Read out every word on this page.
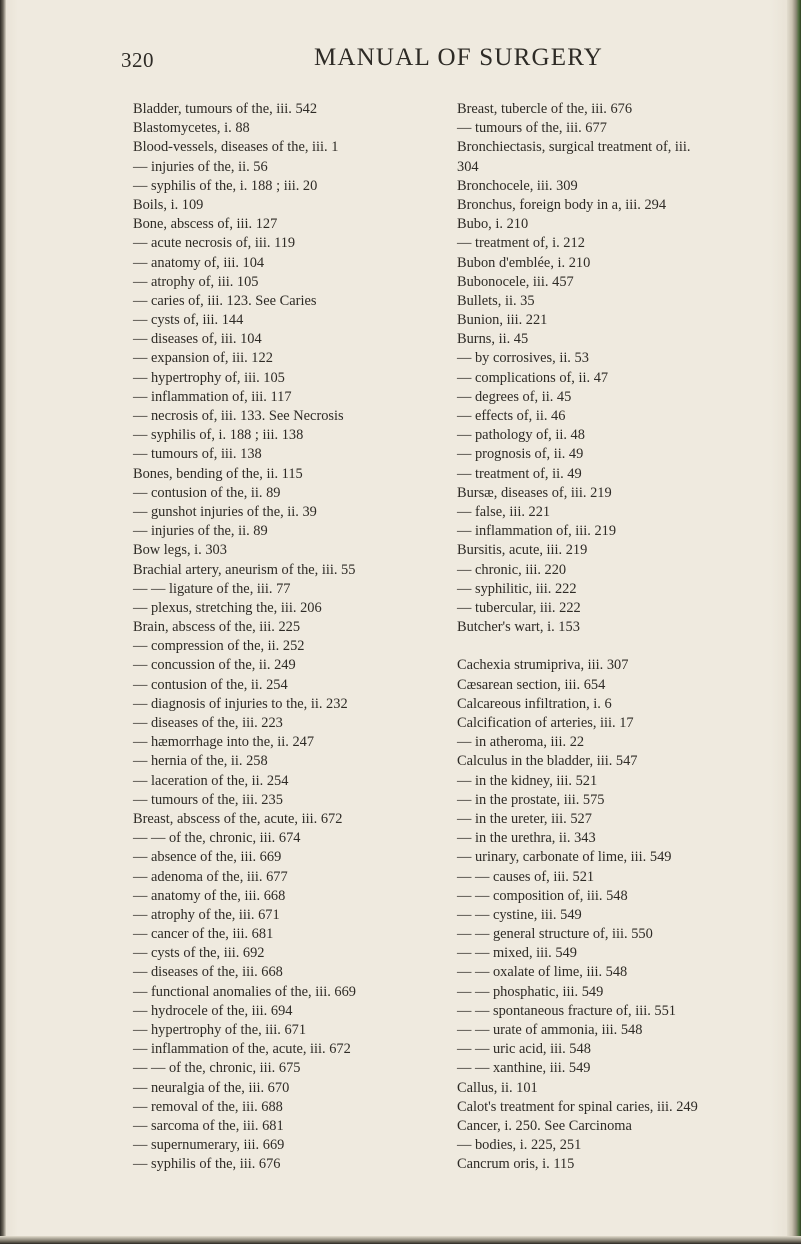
320	MANUAL OF SURGERY
Bladder, tumours of the, iii. 542
Blastomycetes, i. 88
Blood-vessels, diseases of the, iii. 1
— injuries of the, ii. 56
— syphilis of the, i. 188 ; iii. 20
Boils, i. 109
Bone, abscess of, iii. 127
— acute necrosis of, iii. 119
— anatomy of, iii. 104
— atrophy of, iii. 105
— caries of, iii. 123. See Caries
— cysts of, iii. 144
— diseases of, iii. 104
— expansion of, iii. 122
— hypertrophy of, iii. 105
— inflammation of, iii. 117
— necrosis of, iii. 133. See Necrosis
— syphilis of, i. 188 ; iii. 138
— tumours of, iii. 138
Bones, bending of the, ii. 115
— contusion of the, ii. 89
— gunshot injuries of the, ii. 39
— injuries of the, ii. 89
Bow legs, i. 303
Brachial artery, aneurism of the, iii. 55
— — ligature of the, iii. 77
— plexus, stretching the, iii. 206
Brain, abscess of the, iii. 225
— compression of the, ii. 252
— concussion of the, ii. 249
— contusion of the, ii. 254
— diagnosis of injuries to the, ii. 232
— diseases of the, iii. 223
— hæmorrhage into the, ii. 247
— hernia of the, ii. 258
— laceration of the, ii. 254
— tumours of the, iii. 235
Breast, abscess of the, acute, iii. 672
— — of the, chronic, iii. 674
— absence of the, iii. 669
— adenoma of the, iii. 677
— anatomy of the, iii. 668
— atrophy of the, iii. 671
— cancer of the, iii. 681
— cysts of the, iii. 692
— diseases of the, iii. 668
— functional anomalies of the, iii. 669
— hydrocele of the, iii. 694
— hypertrophy of the, iii. 671
— inflammation of the, acute, iii. 672
— — of the, chronic, iii. 675
— neuralgia of the, iii. 670
— removal of the, iii. 688
— sarcoma of the, iii. 681
— supernumerary, iii. 669
— syphilis of the, iii. 676
Breast, tubercle of the, iii. 676
— tumours of the, iii. 677
Bronchiectasis, surgical treatment of, iii.
304
Bronchocele, iii. 309
Bronchus, foreign body in a, iii. 294
Bubo, i. 210
— treatment of, i. 212
Bubon d'emblée, i. 210
Bubonocele, iii. 457
Bullets, ii. 35
Bunion, iii. 221
Burns, ii. 45
— by corrosives, ii. 53
— complications of, ii. 47
— degrees of, ii. 45
— effects of, ii. 46
— pathology of, ii. 48
— prognosis of, ii. 49
— treatment of, ii. 49
Bursæ, diseases of, iii. 219
— false, iii. 221
— inflammation of, iii. 219
Bursitis, acute, iii. 219
— chronic, iii. 220
— syphilitic, iii. 222
— tubercular, iii. 222
Butcher's wart, i. 153
Cachexia strumipriva, iii. 307
Cæsarean section, iii. 654
Calcareous infiltration, i. 6
Calcification of arteries, iii. 17
— in atheroma, iii. 22
Calculus in the bladder, iii. 547
— in the kidney, iii. 521
— in the prostate, iii. 575
— in the ureter, iii. 527
— in the urethra, ii. 343
— urinary, carbonate of lime, iii. 549
— — causes of, iii. 521
— — composition of, iii. 548
— — cystine, iii. 549
— — general structure of, iii. 550
— — mixed, iii. 549
— — oxalate of lime, iii. 548
— — phosphatic, iii. 549
— — spontaneous fracture of, iii. 551
— — urate of ammonia, iii. 548
— — uric acid, iii. 548
— — xanthine, iii. 549
Callus, ii. 101
Calot's treatment for spinal caries, iii. 249
Cancer, i. 250. See Carcinoma
— bodies, i. 225, 251
Cancrum oris, i. 115
